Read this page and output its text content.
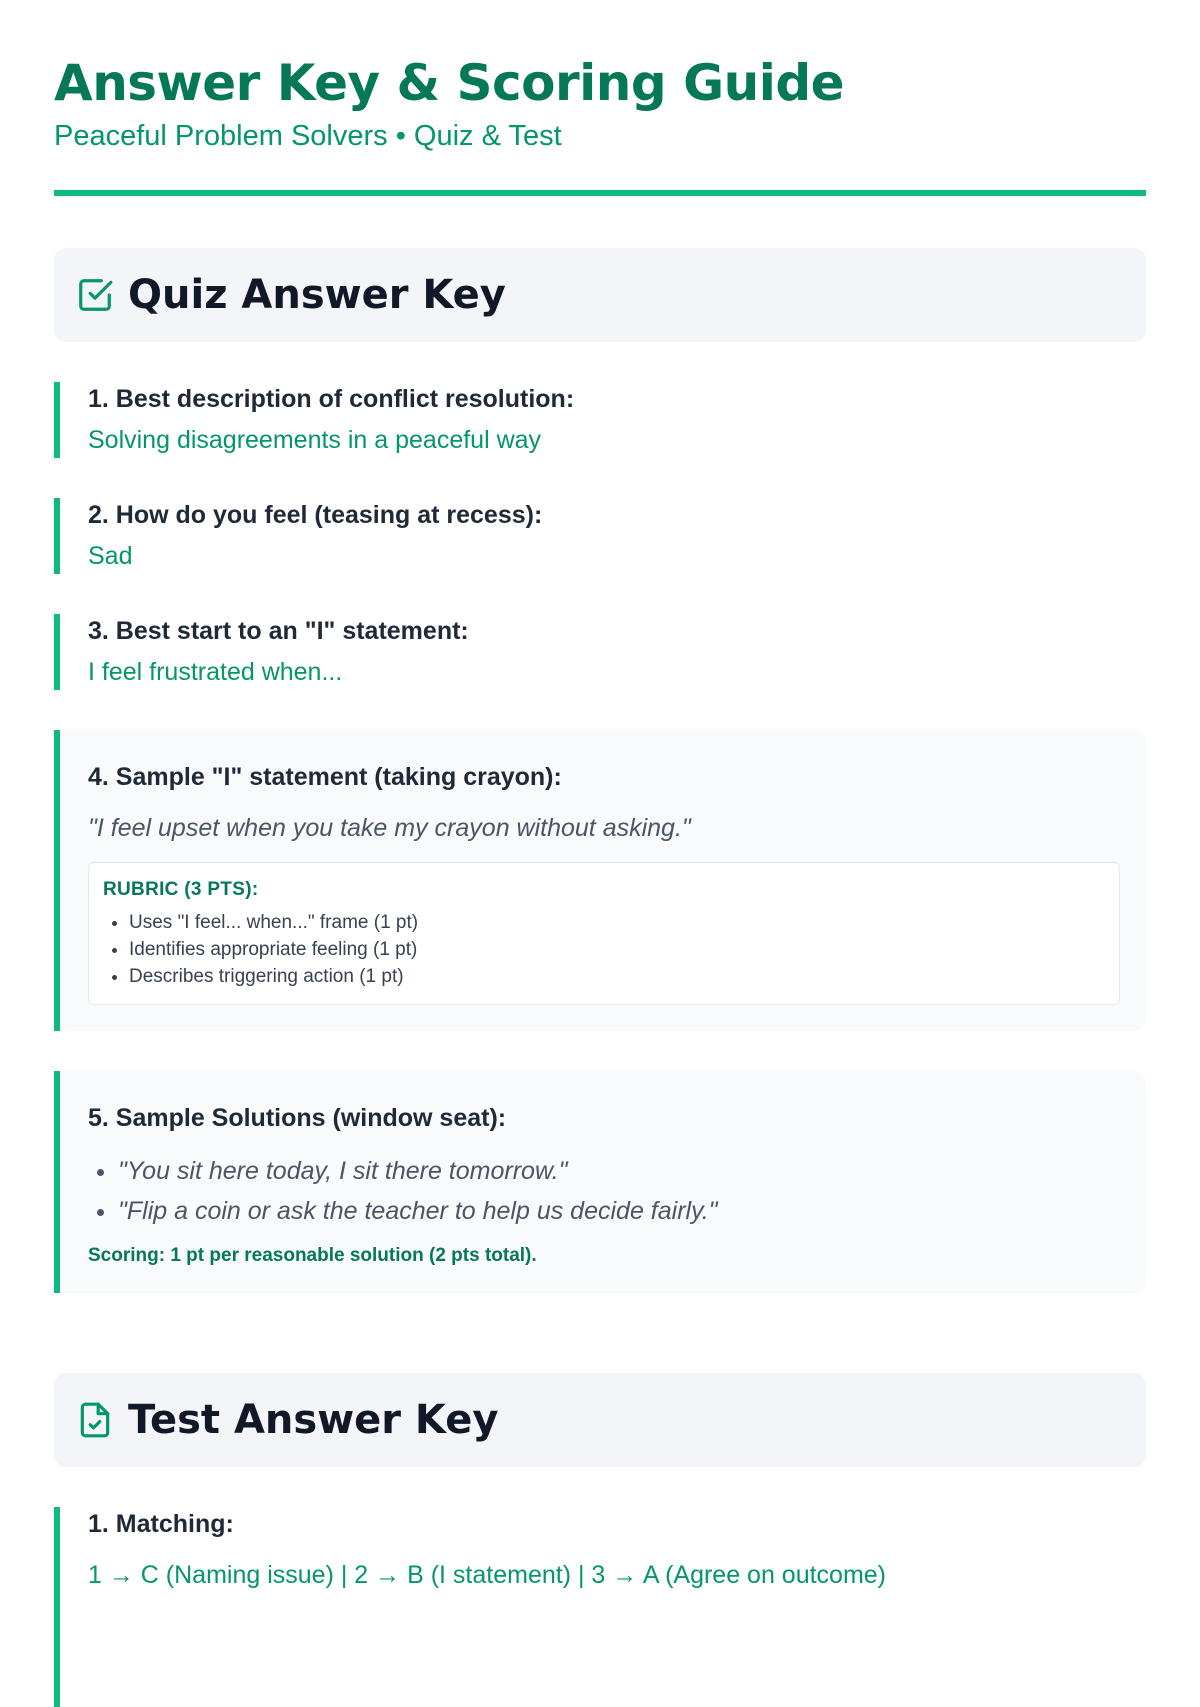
Answer Key & Scoring Guide
Peaceful Problem Solvers • Quiz & Test
Quiz Answer Key
1. Best description of conflict resolution:
Solving disagreements in a peaceful way
2. How do you feel (teasing at recess):
Sad
3. Best start to an "I" statement:
I feel frustrated when...
4. Sample "I" statement (taking crayon):
"I feel upset when you take my crayon without asking."
RUBRIC (3 PTS):
• Uses "I feel... when..." frame (1 pt)
• Identifies appropriate feeling (1 pt)
• Describes triggering action (1 pt)
5. Sample Solutions (window seat):
• "You sit here today, I sit there tomorrow."
• "Flip a coin or ask the teacher to help us decide fairly."
Scoring: 1 pt per reasonable solution (2 pts total).
Test Answer Key
1. Matching:
1 → C (Naming issue) | 2 → B (I statement) | 3 → A (Agree on outcome)
